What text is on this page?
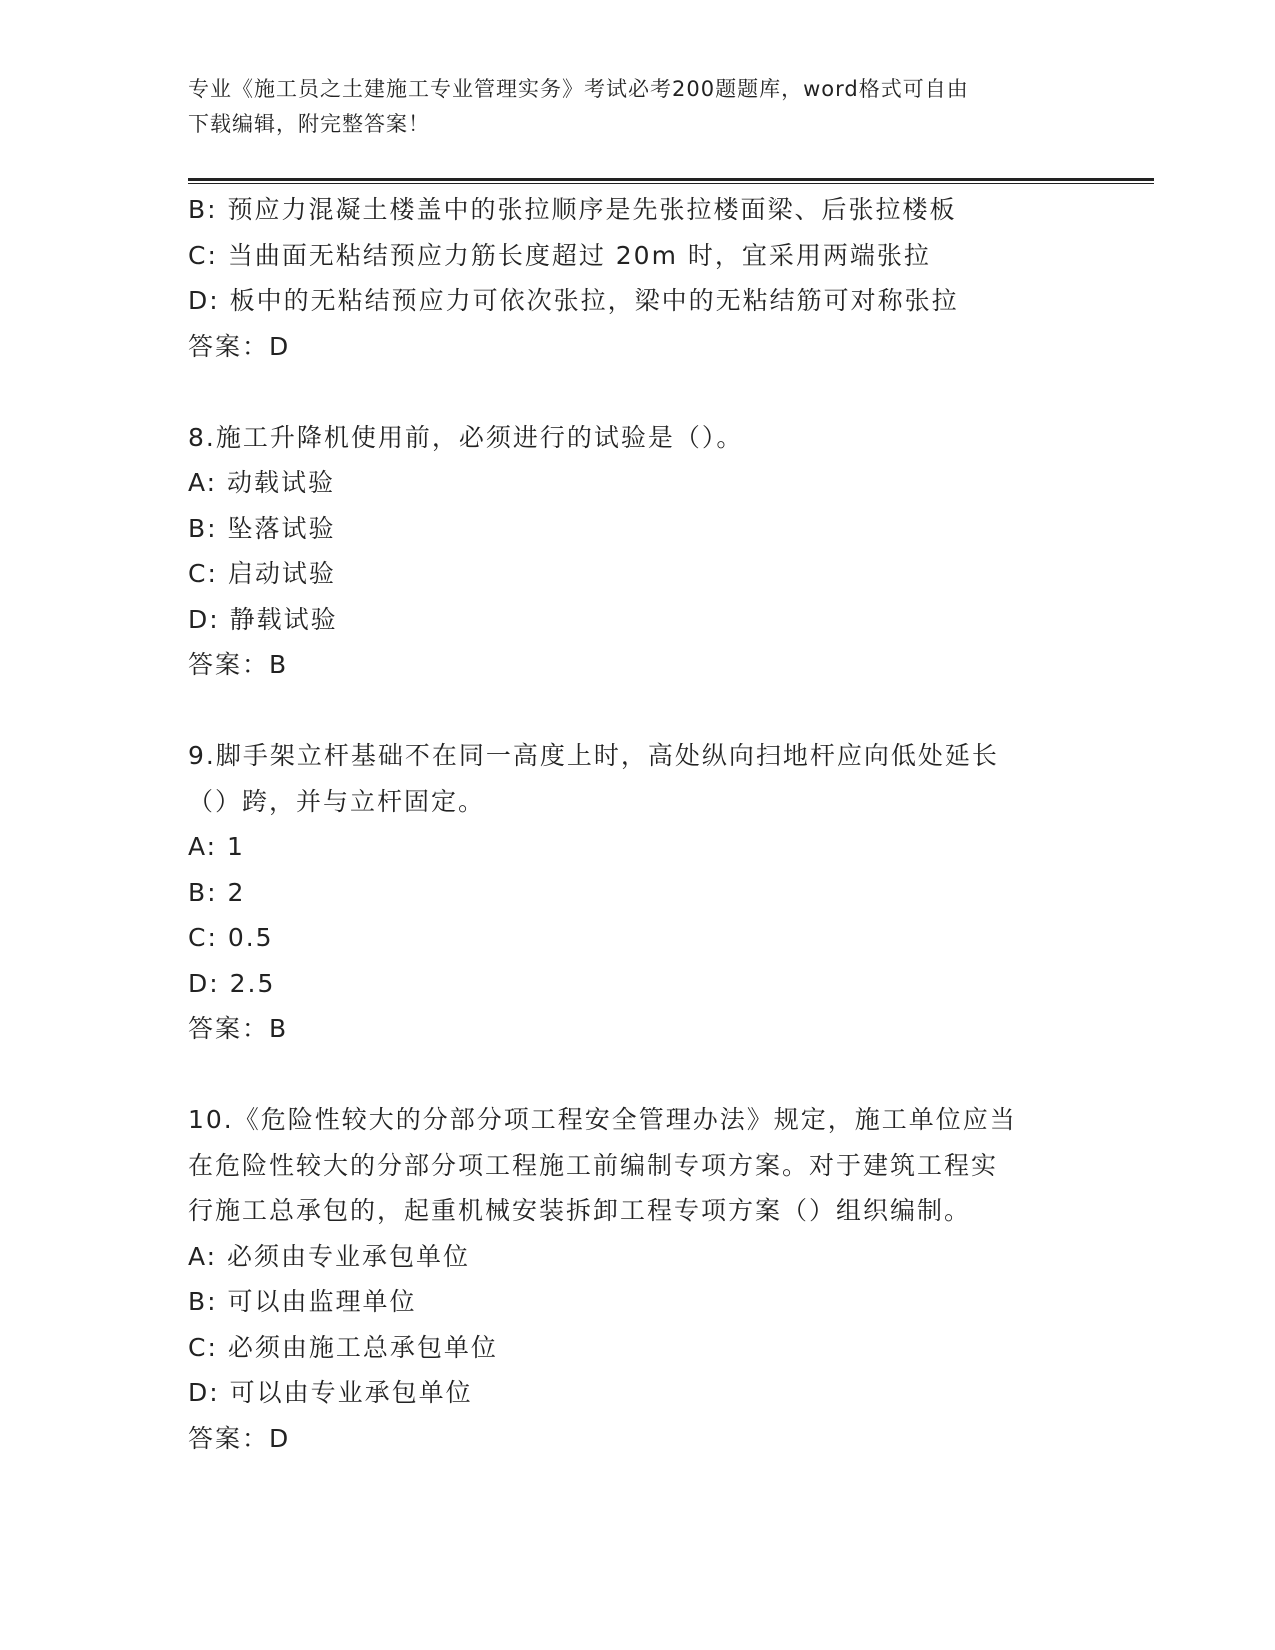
专业《施工员之土建施工专业管理实务》考试必考200题题库，word格式可自由
下载编辑，附完整答案！
B: 预应力混凝土楼盖中的张拉顺序是先张拉楼面梁、后张拉楼板
C: 当曲面无粘结预应力筋长度超过 20m 时，宜采用两端张拉
D: 板中的无粘结预应力可依次张拉，梁中的无粘结筋可对称张拉
答案：D
8.施工升降机使用前，必须进行的试验是（）。
A: 动载试验
B: 坠落试验
C: 启动试验
D: 静载试验
答案：B
9.脚手架立杆基础不在同一高度上时，高处纵向扫地杆应向低处延长
（）跨，并与立杆固定。
A: 1
B: 2
C: 0.5
D: 2.5
答案：B
10.《危险性较大的分部分项工程安全管理办法》规定，施工单位应当
在危险性较大的分部分项工程施工前编制专项方案。对于建筑工程实
行施工总承包的，起重机械安装拆卸工程专项方案（）组织编制。
A: 必须由专业承包单位
B: 可以由监理单位
C: 必须由施工总承包单位
D: 可以由专业承包单位
答案：D
